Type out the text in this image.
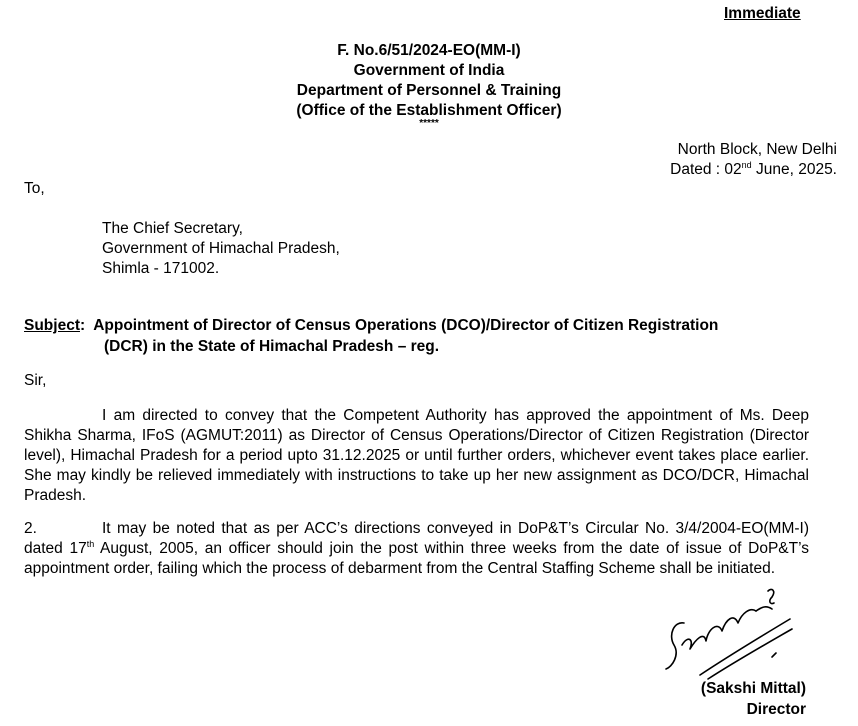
Immediate
F. No.6/51/2024-EO(MM-I)
Government of India
Department of Personnel & Training
(Office of the Establishment Officer)
*****
North Block, New Delhi
Dated : 02nd June, 2025.
To,
The Chief Secretary,
Government of Himachal Pradesh,
Shimla - 171002.
Subject: Appointment of Director of Census Operations (DCO)/Director of Citizen Registration
(DCR) in the State of Himachal Pradesh – reg.
Sir,
I am directed to convey that the Competent Authority has approved the appointment of Ms. Deep Shikha Sharma, IFoS (AGMUT:2011) as Director of Census Operations/Director of Citizen Registration (Director level), Himachal Pradesh for a period upto 31.12.2025 or until further orders, whichever event takes place earlier. She may kindly be relieved immediately with instructions to take up her new assignment as DCO/DCR, Himachal Pradesh.
2.	It may be noted that as per ACC’s directions conveyed in DoP&T’s Circular No. 3/4/2004-EO(MM-I) dated 17th August, 2005, an officer should join the post within three weeks from the date of issue of DoP&T’s appointment order, failing which the process of debarment from the Central Staffing Scheme shall be initiated.
(Sakshi Mittal)
Director
